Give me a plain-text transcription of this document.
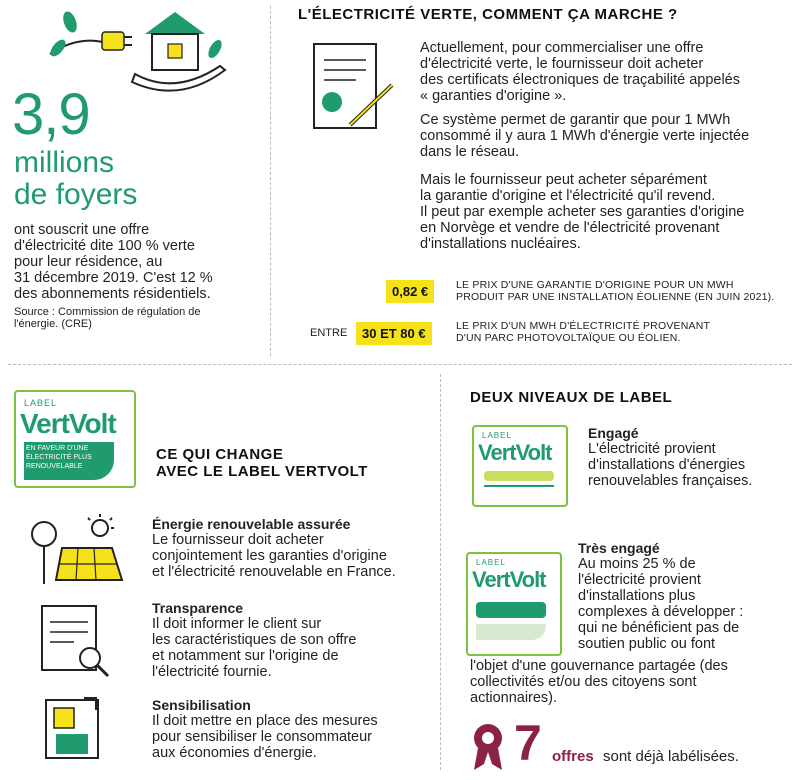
3,9
millions
de foyers
ont souscrit une offre
d'électricité dite 100 % verte
pour leur résidence, au
31 décembre 2019. C'est 12 %
des abonnements résidentiels.
Source : Commission de régulation de
l'énergie. (CRE)
L'ÉLECTRICITÉ VERTE, COMMENT ÇA MARCHE ?
Actuellement, pour commercialiser une offre
d'électricité verte, le fournisseur doit acheter
des certificats électroniques de traçabilité appelés
« garanties d'origine ».
Ce système permet de garantir que pour 1 MWh
consommé il y aura 1 MWh d'énergie verte injectée
dans le réseau.
Mais le fournisseur peut acheter séparément
la garantie d'origine et l'électricité qu'il revend.
Il peut par exemple acheter ses garanties d'origine
en Norvège et vendre de l'électricité provenant
d'installations nucléaires.
0,82 €	LE PRIX D'UNE GARANTIE D'ORIGINE POUR UN MWH
PRODUIT PAR UNE INSTALLATION ÉOLIENNE (EN JUIN 2021).
ENTRE	30 ET 80 €	LE PRIX D'UN MWH D'ÉLECTRICITÉ PROVENANT
D'UN PARC PHOTOVOLTAÏQUE OU ÉOLIEN.
LABEL
VertVolt
EN FAVEUR D'UNE
ÉLECTRICITÉ PLUS
RENOUVELABLE
CE QUI CHANGE
AVEC LE LABEL VERTVOLT
Énergie renouvelable assurée
Le fournisseur doit acheter
conjointement les garanties d'origine
et l'électricité renouvelable en France.
Transparence
Il doit informer le client sur
les caractéristiques de son offre
et notamment sur l'origine de
l'électricité fournie.
Sensibilisation
Il doit mettre en place des mesures
pour sensibiliser le consommateur
aux économies d'énergie.
DEUX NIVEAUX DE LABEL
LABEL
VertVolt
Engagé
L'électricité provient
d'installations d'énergies
renouvelables françaises.
LABEL
VertVolt
Très engagé
Au moins 25 % de
l'électricité provient
d'installations plus
complexes à développer :
qui ne bénéficient pas de
soutien public ou font
l'objet d'une gouvernance partagée (des
collectivités et/ou des citoyens sont
actionnaires).
7 offres sont déjà labélisées.
